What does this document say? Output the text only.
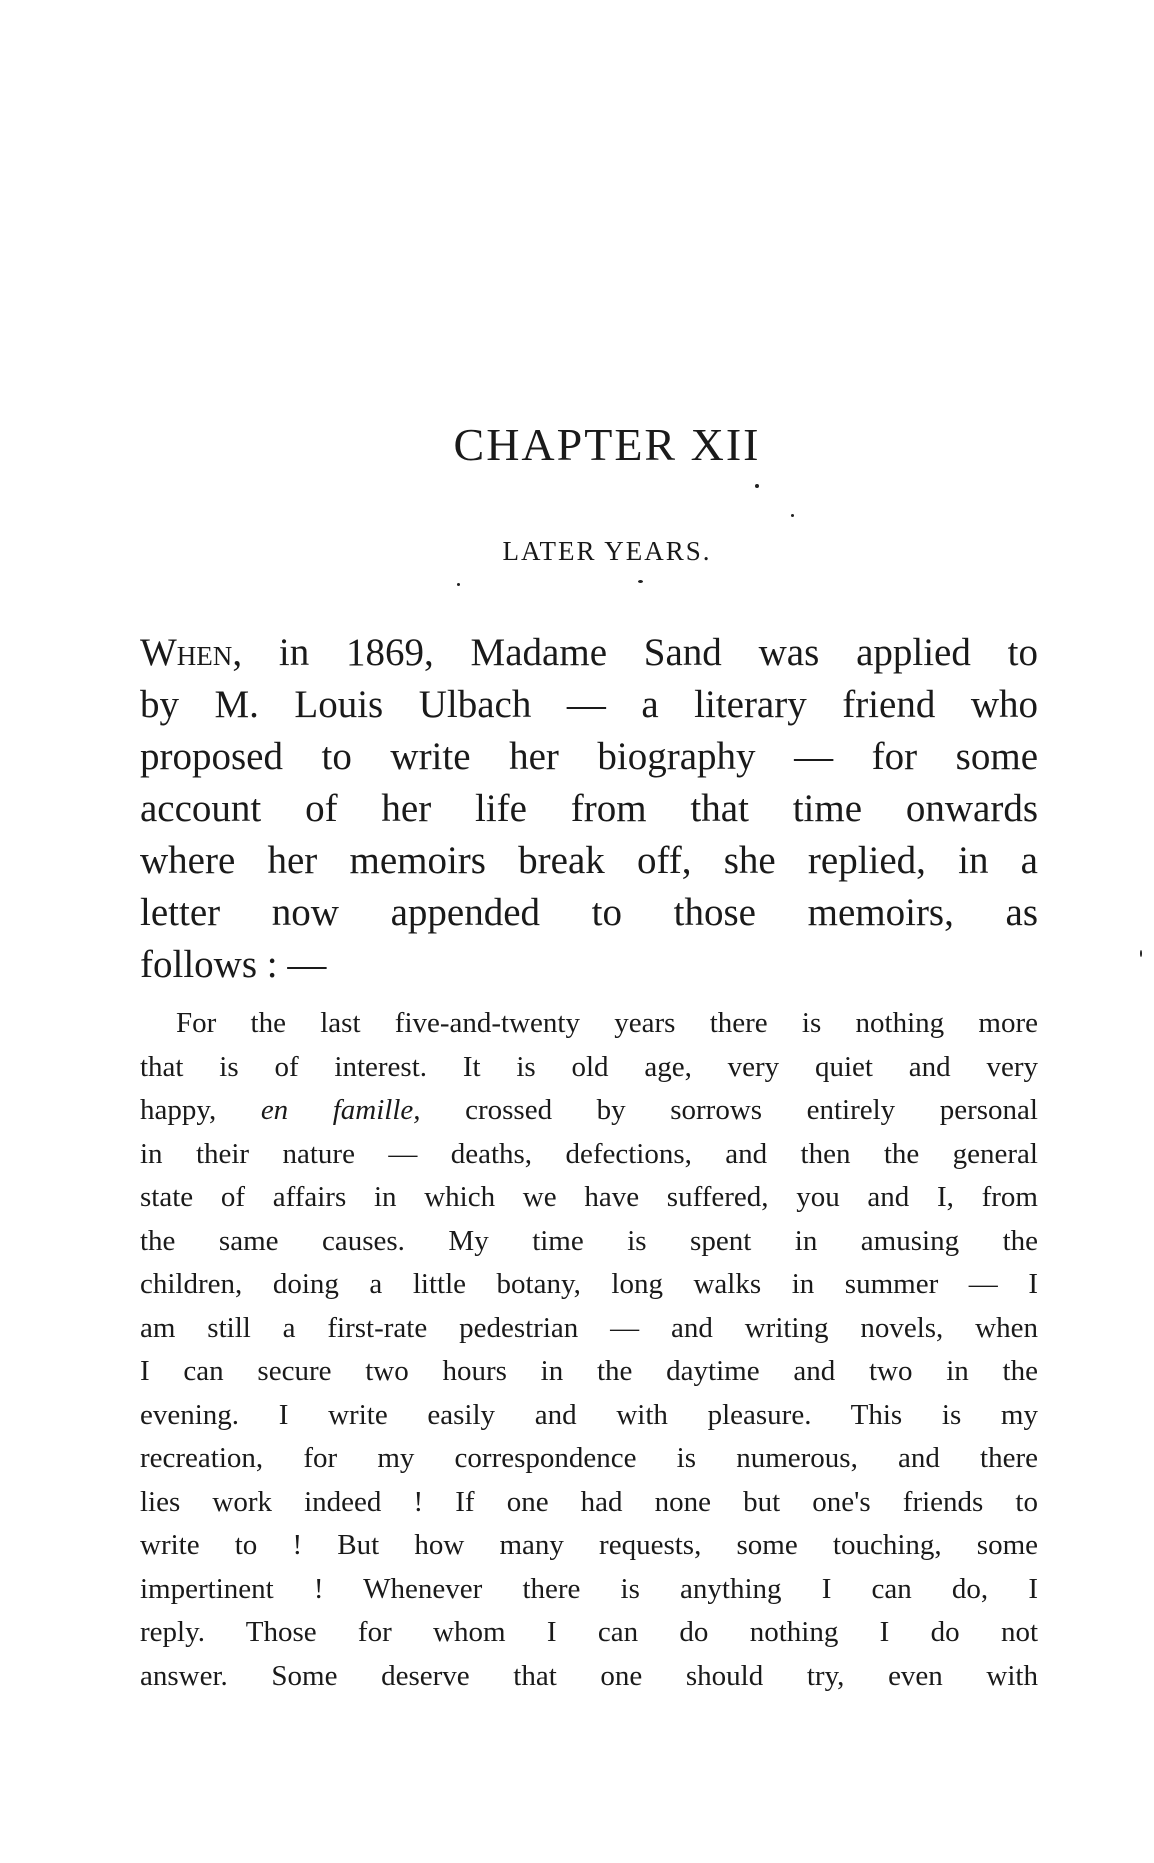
CHAPTER XII
LATER YEARS.
When, in 1869, Madame Sand was applied to
by M. Louis Ulbach — a literary friend who
proposed to write her biography — for some
account of her life from that time onwards
where her memoirs break off, she replied, in a
letter now appended to those memoirs, as
follows : —
For the last five-and-twenty years there is nothing more
that is of interest. It is old age, very quiet and very
happy, en famille, crossed by sorrows entirely personal
in their nature — deaths, defections, and then the general
state of affairs in which we have suffered, you and I, from
the same causes. My time is spent in amusing the
children, doing a little botany, long walks in summer — I
am still a first-rate pedestrian — and writing novels, when
I can secure two hours in the daytime and two in the
evening. I write easily and with pleasure. This is my
recreation, for my correspondence is numerous, and there
lies work indeed ! If one had none but one's friends to
write to ! But how many requests, some touching, some
impertinent ! Whenever there is anything I can do, I
reply. Those for whom I can do nothing I do not
answer. Some deserve that one should try, even with
